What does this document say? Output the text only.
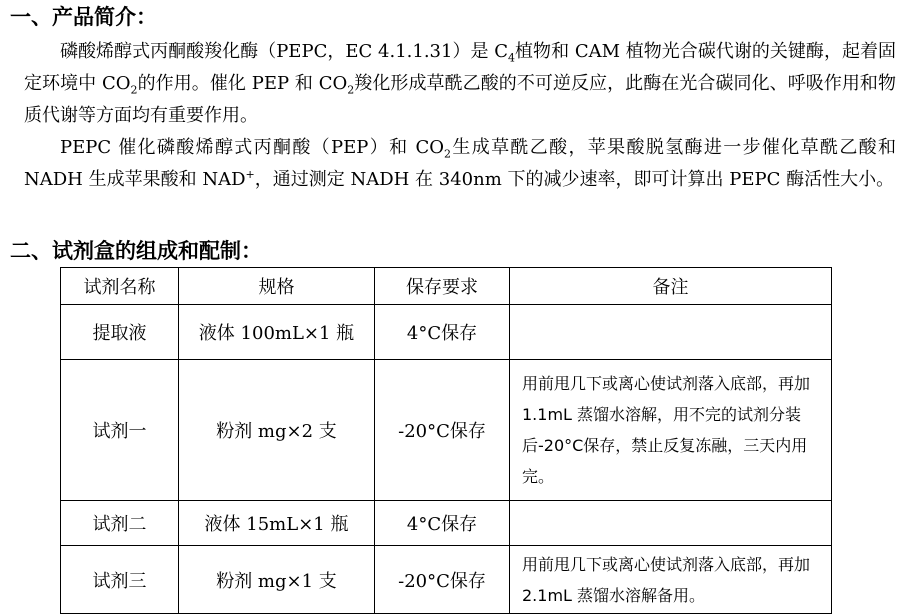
一、产品简介：

磷酸烯醇式丙酮酸羧化酶（PEPC，EC 4.1.1.31）是 $C_4$植物和 CAM 植物光合碳代谢的关键酶，起着固定环境中 $CO_2$的作用。催化 PEP 和 $CO_2$羧化形成草酰乙酸的不可逆反应，此酶在光合碳同化、呼吸作用和物质代谢等方面均有重要作用。

PEPC 催化磷酸烯醇式丙酮酸（PEP）和 $CO_2$生成草酰乙酸，苹果酸脱氢酶进一步催化草酰乙酸和 NADH 生成苹果酸和 NAD+，通过测定 NADH 在 340nm 下的减少速率，即可计算出 PEPC 酶活性大小。

二、试剂盒的组成和配制：
试剂名称	规格	保存要求	备注
提取液	液体 100mL×1 瓶	4°C保存	
试剂一	粉剂 mg×2 支	-20°C保存	用前甩几下或离心使试剂落入底部，再加 1.1mL 蒸馏水溶解，用不完的试剂分装后-20°C保存，禁止反复冻融，三天内用完。
试剂二	液体 15mL×1 瓶	4°C保存	
试剂三	粉剂 mg×1 支	-20°C保存	用前甩几下或离心使试剂落入底部，再加 2.1mL 蒸馏水溶解备用。
